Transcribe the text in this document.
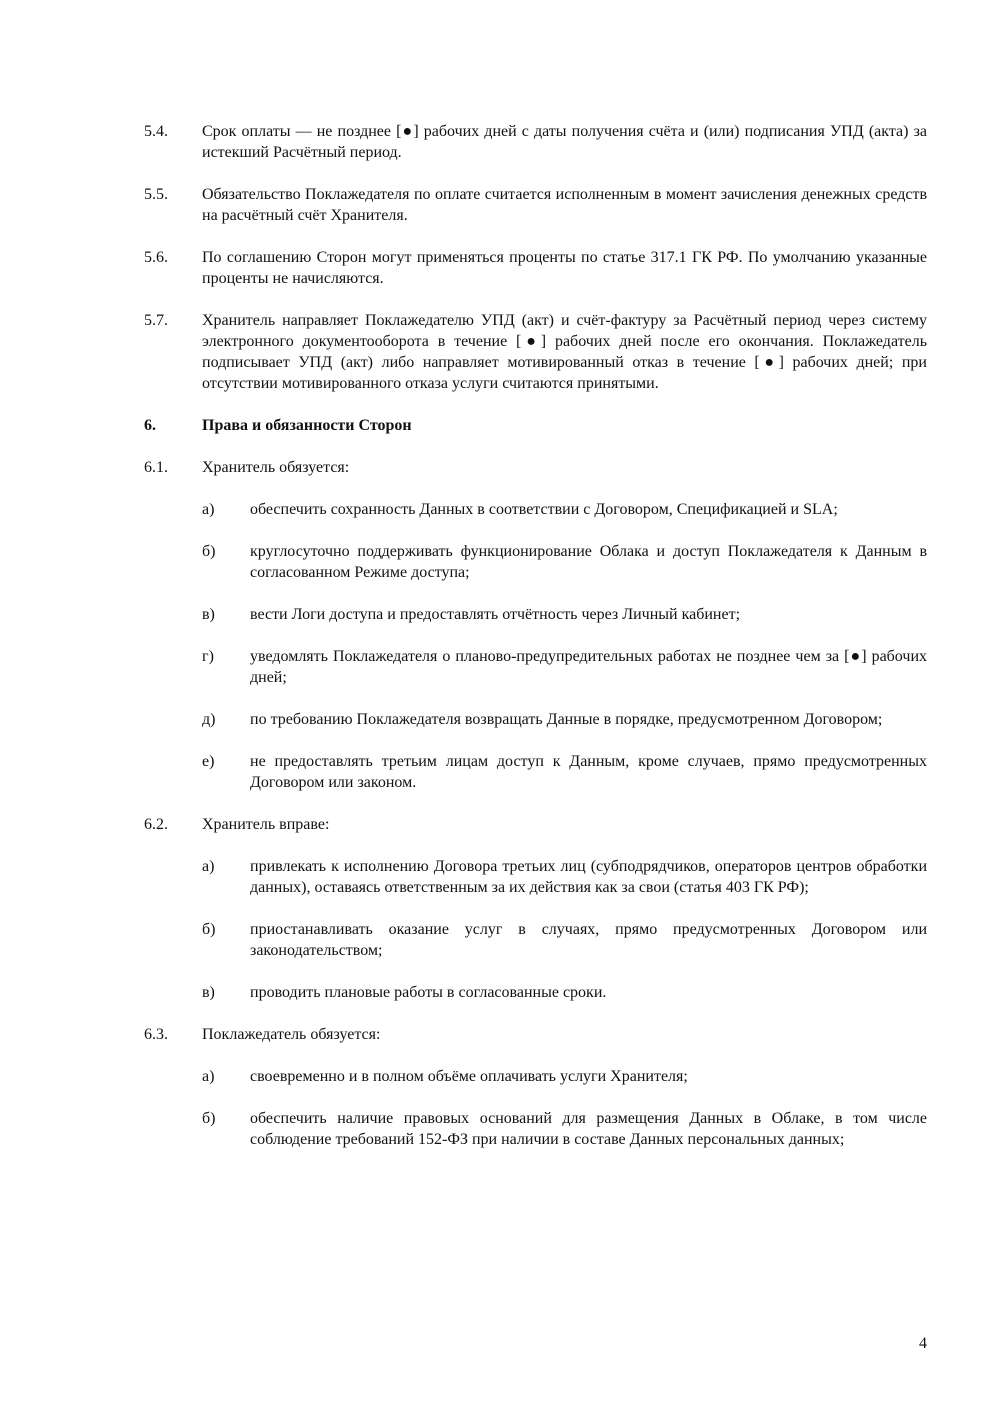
5.4.	Срок оплаты — не позднее [●] рабочих дней с даты получения счёта и (или) подписания УПД (акта) за истекший Расчётный период.
5.5.	Обязательство Поклажедателя по оплате считается исполненным в момент зачисления денежных средств на расчётный счёт Хранителя.
5.6.	По соглашению Сторон могут применяться проценты по статье 317.1 ГК РФ. По умолчанию указанные проценты не начисляются.
5.7.	Хранитель направляет Поклажедателю УПД (акт) и счёт-фактуру за Расчётный период через систему электронного документооборота в течение [●] рабочих дней после его окончания. Поклажедатель подписывает УПД (акт) либо направляет мотивированный отказ в течение [●] рабочих дней; при отсутствии мотивированного отказа услуги считаются принятыми.
6.	Права и обязанности Сторон
6.1.	Хранитель обязуется:
а)	обеспечить сохранность Данных в соответствии с Договором, Спецификацией и SLA;
б)	круглосуточно поддерживать функционирование Облака и доступ Поклажедателя к Данным в согласованном Режиме доступа;
в)	вести Логи доступа и предоставлять отчётность через Личный кабинет;
г)	уведомлять Поклажедателя о планово-предупредительных работах не позднее чем за [●] рабочих дней;
д)	по требованию Поклажедателя возвращать Данные в порядке, предусмотренном Договором;
е)	не предоставлять третьим лицам доступ к Данным, кроме случаев, прямо предусмотренных Договором или законом.
6.2.	Хранитель вправе:
а)	привлекать к исполнению Договора третьих лиц (субподрядчиков, операторов центров обработки данных), оставаясь ответственным за их действия как за свои (статья 403 ГК РФ);
б)	приостанавливать оказание услуг в случаях, прямо предусмотренных Договором или законодательством;
в)	проводить плановые работы в согласованные сроки.
6.3.	Поклажедатель обязуется:
а)	своевременно и в полном объёме оплачивать услуги Хранителя;
б)	обеспечить наличие правовых оснований для размещения Данных в Облаке, в том числе соблюдение требований 152-ФЗ при наличии в составе Данных персональных данных;
4
